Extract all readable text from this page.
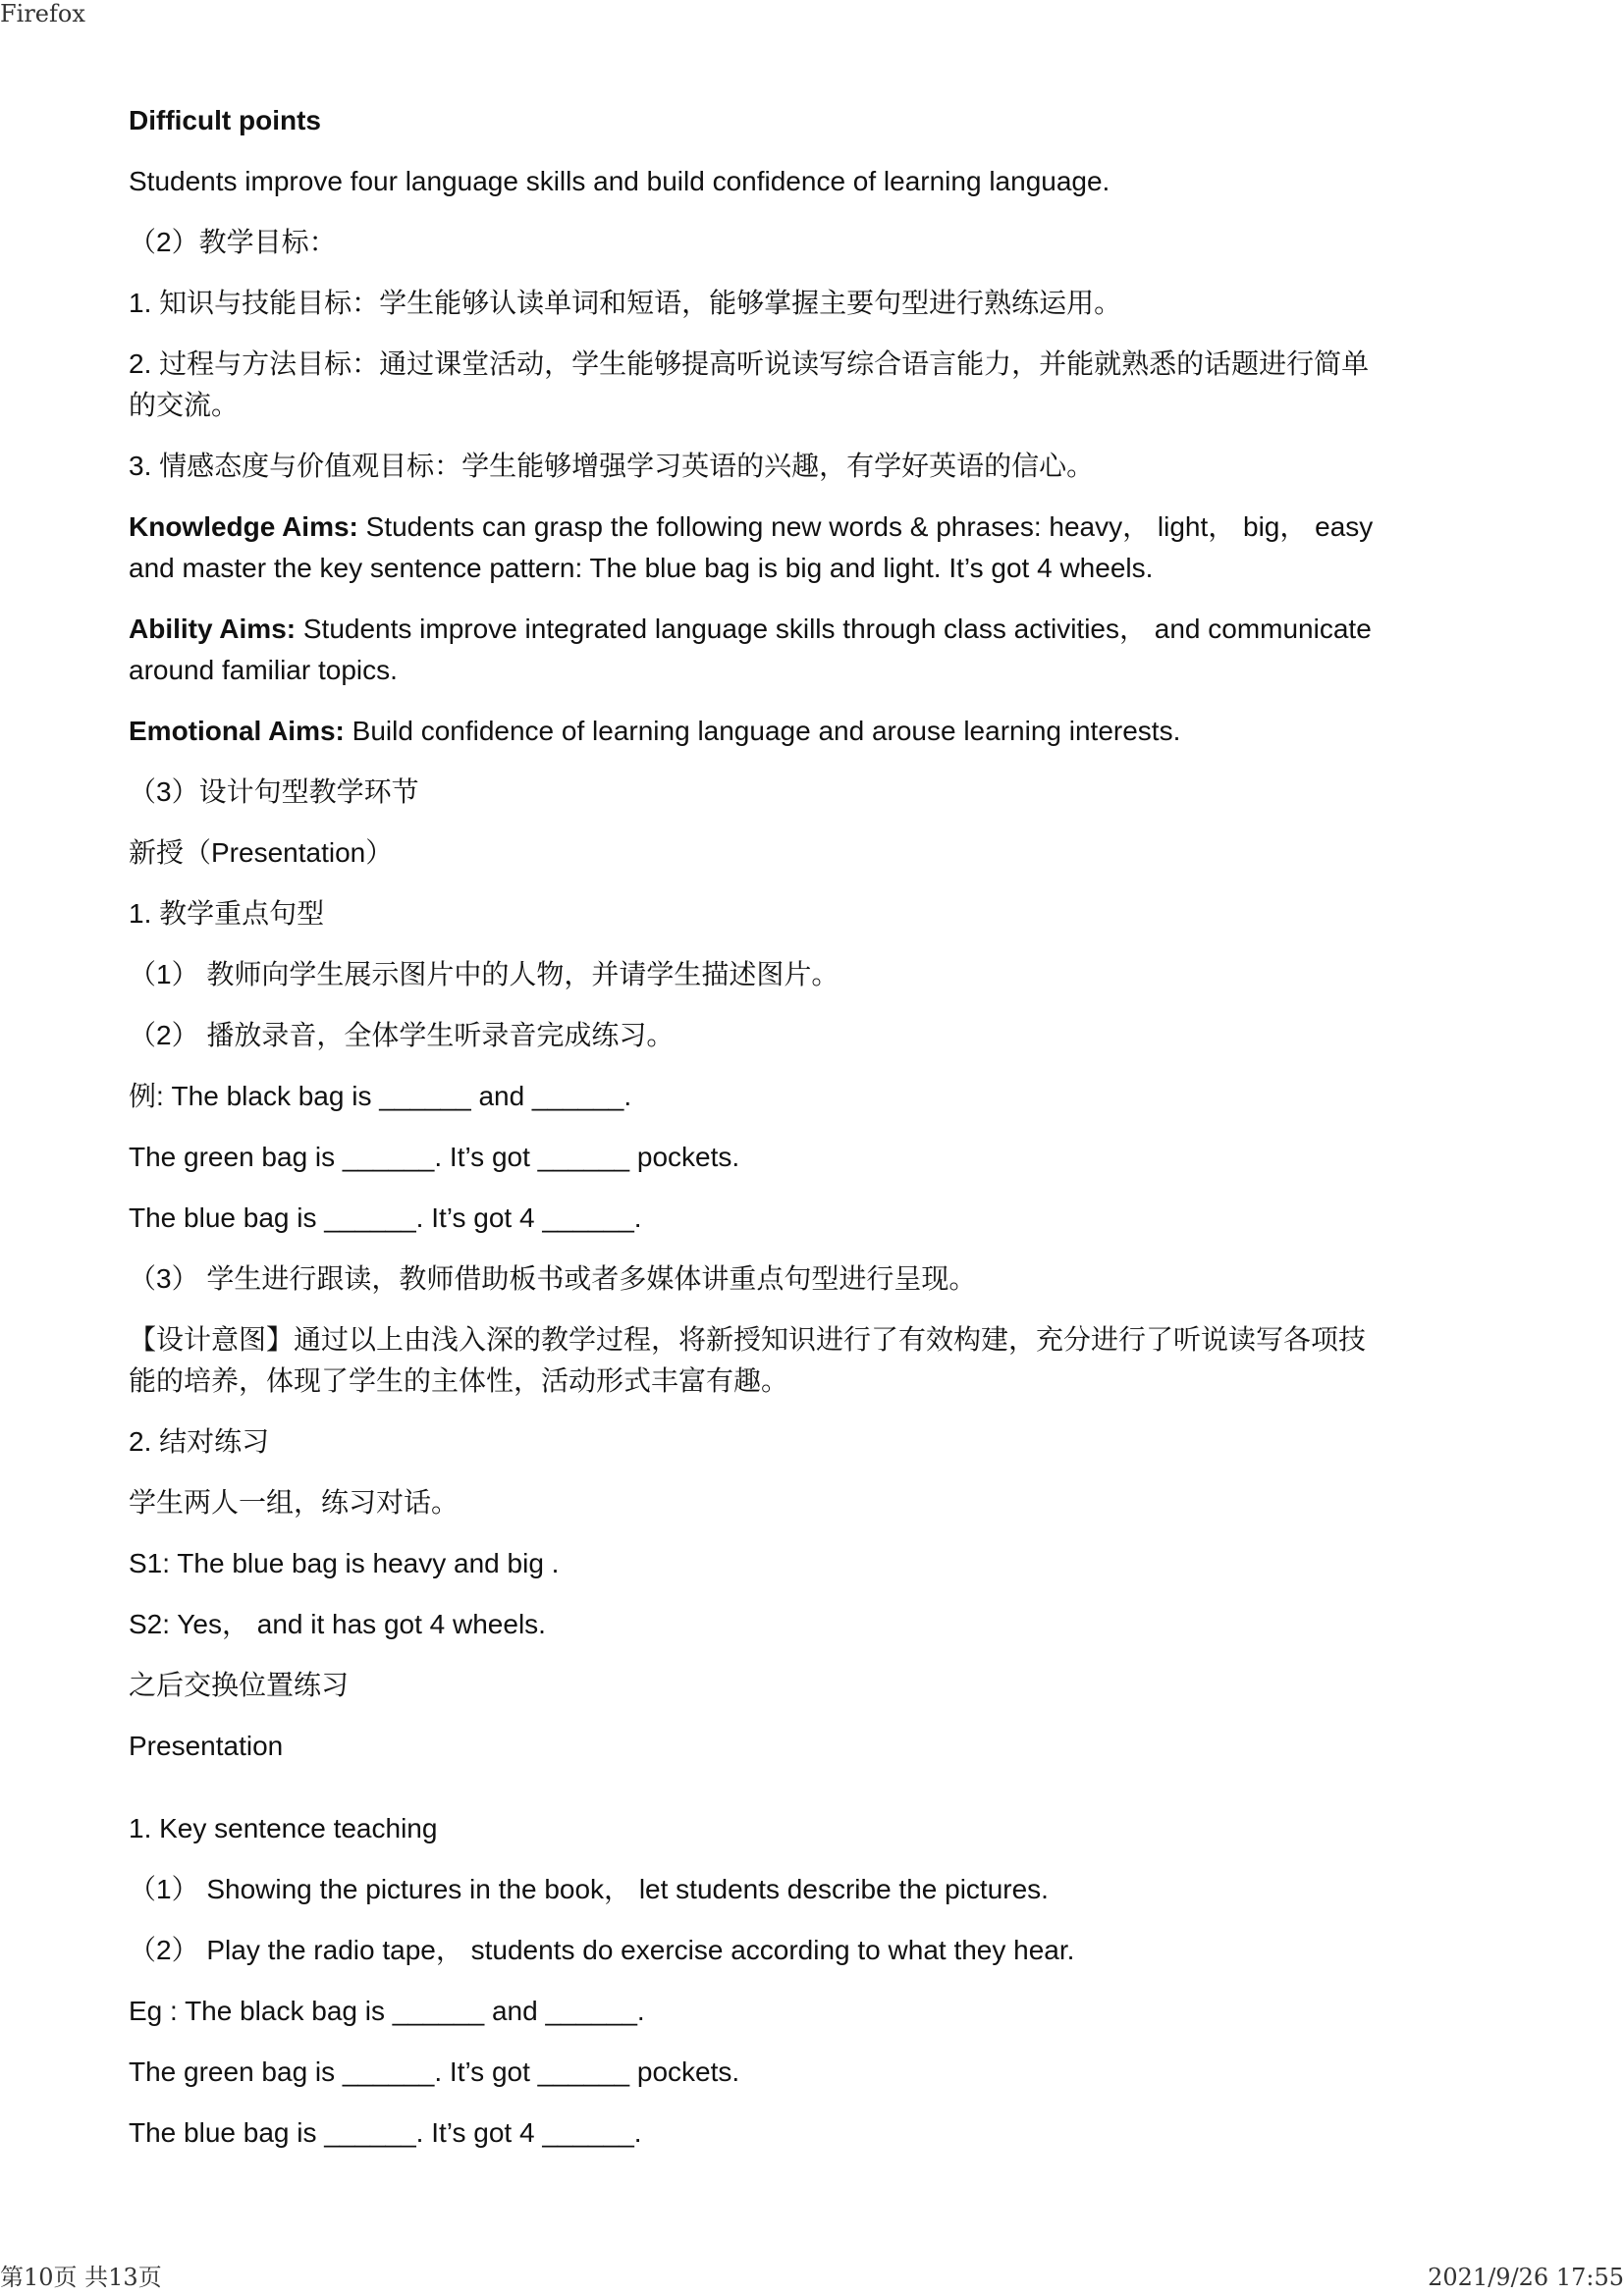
Firefox

Difficult points

Students improve four language skills and build confidence of learning language.

（2）教学目标：

1. 知识与技能目标：学生能够认读单词和短语，能够掌握主要句型进行熟练运用。

2. 过程与方法目标：通过课堂活动，学生能够提高听说读写综合语言能力，并能就熟悉的话题进行简单的交流。

3. 情感态度与价值观目标：学生能够增强学习英语的兴趣，有学好英语的信心。

Knowledge Aims: Students can grasp the following new words & phrases: heavy， light， big， easy and master the key sentence pattern: The blue bag is big and light. It’s got 4 wheels.

Ability Aims: Students improve integrated language skills through class activities， and communicate around familiar topics.

Emotional Aims: Build confidence of learning language and arouse learning interests.

（3）设计句型教学环节

新授（Presentation）

1. 教学重点句型

（1） 教师向学生展示图片中的人物，并请学生描述图片。

（2） 播放录音，全体学生听录音完成练习。

例: The black bag is ______ and ______.

The green bag is ______. It’s got ______ pockets.

The blue bag is ______. It’s got 4 ______.

（3） 学生进行跟读，教师借助板书或者多媒体讲重点句型进行呈现。

【设计意图】通过以上由浅入深的教学过程，将新授知识进行了有效构建，充分进行了听说读写各项技能的培养，体现了学生的主体性，活动形式丰富有趣。

2. 结对练习

学生两人一组，练习对话。

S1: The blue bag is heavy and big .

S2: Yes， and it has got 4 wheels.

之后交换位置练习

Presentation

1. Key sentence teaching

（1） Showing the pictures in the book， let students describe the pictures.

（2） Play the radio tape， students do exercise according to what they hear.

Eg : The black bag is ______ and ______.

The green bag is ______. It’s got ______ pockets.

The blue bag is ______. It’s got 4 ______.

第10页 共13页	2021/9/26 17:55
